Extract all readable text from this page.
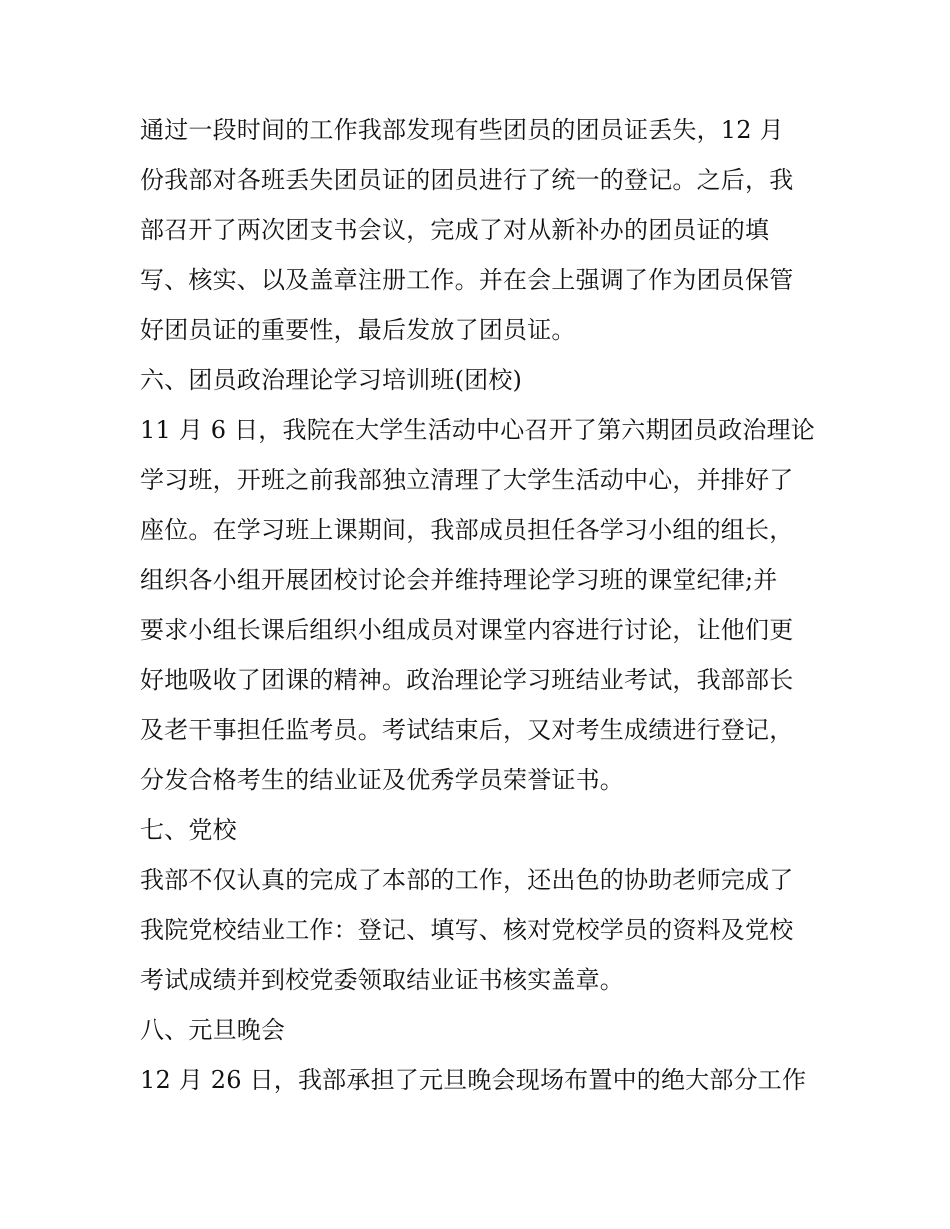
通过一段时间的工作我部发现有些团员的团员证丢失，12 月
份我部对各班丢失团员证的团员进行了统一的登记。之后，我
部召开了两次团支书会议，完成了对从新补办的团员证的填
写、核实、以及盖章注册工作。并在会上强调了作为团员保管
好团员证的重要性，最后发放了团员证。
六、团员政治理论学习培训班(团校)
11 月 6 日，我院在大学生活动中心召开了第六期团员政治理论
学习班，开班之前我部独立清理了大学生活动中心，并排好了
座位。在学习班上课期间，我部成员担任各学习小组的组长，
组织各小组开展团校讨论会并维持理论学习班的课堂纪律;并
要求小组长课后组织小组成员对课堂内容进行讨论，让他们更
好地吸收了团课的精神。政治理论学习班结业考试，我部部长
及老干事担任监考员。考试结束后，又对考生成绩进行登记，
分发合格考生的结业证及优秀学员荣誉证书。
七、党校
我部不仅认真的完成了本部的工作，还出色的协助老师完成了
我院党校结业工作：登记、填写、核对党校学员的资料及党校
考试成绩并到校党委领取结业证书核实盖章。
八、元旦晚会
12 月 26 日，我部承担了元旦晚会现场布置中的绝大部分工作
